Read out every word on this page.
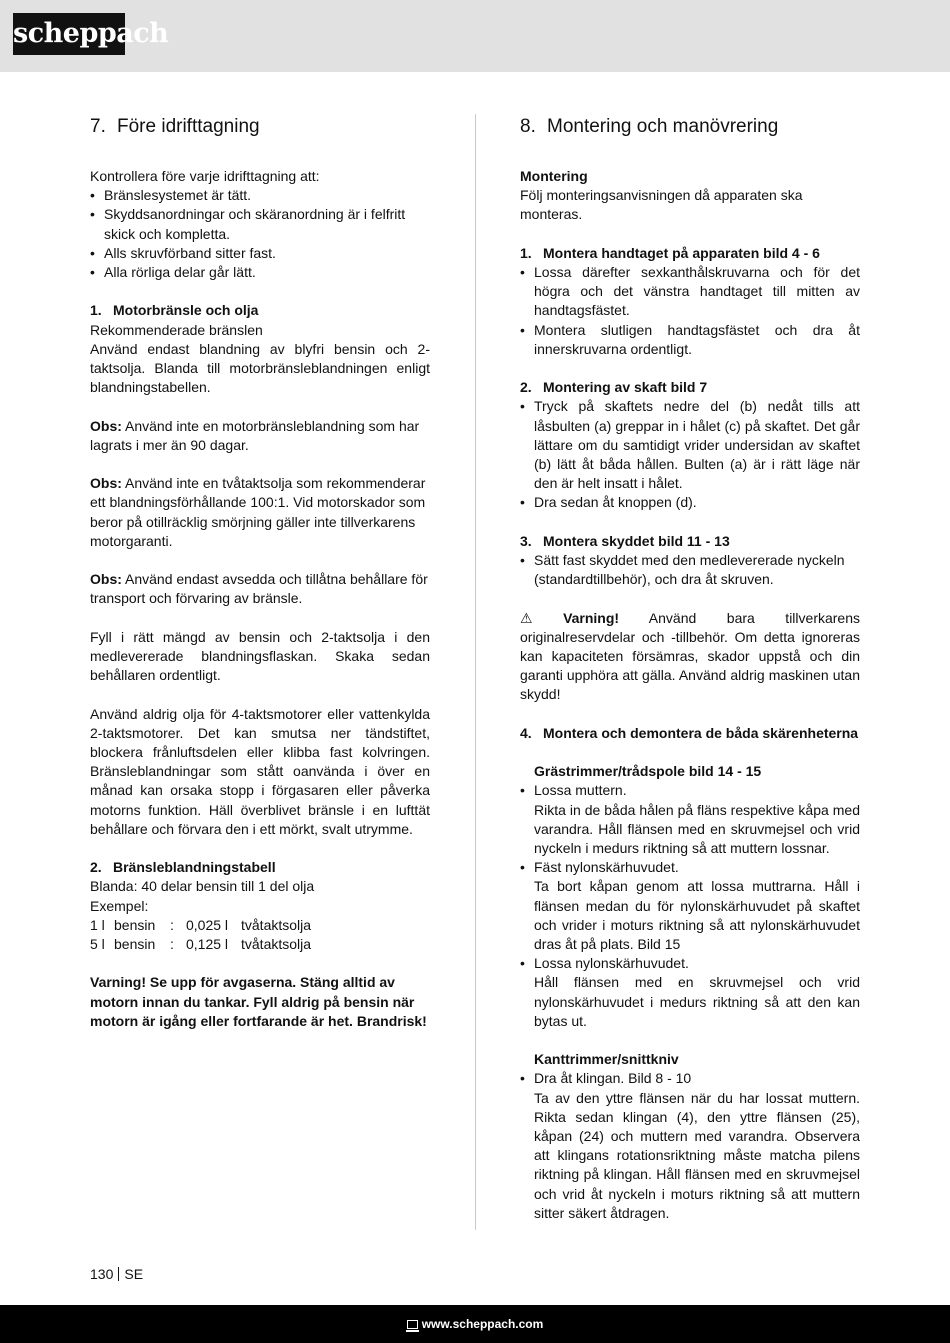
scheppach
7. Före idrifttagning

Kontrollera före varje idrifttagning att:

• Bränslesystemet är tätt.
• Skyddsanordningar och skäranordning är i felfritt skick och kompletta.
• Alls skruvförband sitter fast.
• Alla rörliga delar går lätt.

1. Motorbränsle och olja

Rekommenderade bränslen

Använd endast blandning av blyfri bensin och 2-taktsolja. Blanda till motorbränsleblandningen enligt blandningstabellen.

Obs: Använd inte en motorbränsleblandning som har lagrats i mer än 90 dagar.

Obs: Använd inte en tvåtaktsolja som rekommenderar ett blandningsförhållande 100:1. Vid motorskador som beror på otillräcklig smörjning gäller inte tillverkarens motorgaranti.

Obs: Använd endast avsedda och tillåtna behållare för transport och förvaring av bränsle.

Fyll i rätt mängd av bensin och 2-taktsolja i den medlevererade blandningsflaskan. Skaka sedan behållaren ordentligt.

Använd aldrig olja för 4-taktsmotorer eller vattenkylda 2-taktsmotorer. Det kan smutsa ner tändstiftet, blockera frånluftsdelen eller klibba fast kolvringen. Bränsleblandningar som stått oanvända i över en månad kan orsaka stopp i förgasaren eller påverka motorns funktion. Häll överblivet bränsle i en lufttät behållare och förvara den i ett mörkt, svalt utrymme.

2. Bränsleblandningstabell

Blanda: 40 delar bensin till 1 del olja

Exempel:

1 l bensin	: 0,025 l tvåtaktsolja
5 l bensin	: 0,125 l tvåtaktsolja

Varning! Se upp för avgaserna. Stäng alltid av motorn innan du tankar. Fyll aldrig på bensin när motorn är igång eller fortfarande är het. Brandrisk!

8. Montering och manövrering

Montering

Följ monteringsanvisningen då apparaten ska monteras.

1. Montera handtaget på apparaten bild 4 - 6

• Lossa därefter sexkanthålskruvarna och för det högra och det vänstra handtaget till mitten av handtagsfästet.
• Montera slutligen handtagsfästet och dra åt innerskruvarna ordentligt.

2. Montering av skaft bild 7

• Tryck på skaftets nedre del (b) nedåt tills att låsbulten (a) greppar in i hålet (c) på skaftet. Det går lättare om du samtidigt vrider undersidan av skaftet (b) lätt åt båda hållen. Bulten (a) är i rätt läge när den är helt insatt i hålet.
• Dra sedan åt knoppen (d).

3. Montera skyddet bild 11 - 13

• Sätt fast skyddet med den medlevererade nyckeln (standardtillbehör), och dra åt skruven.

⚠ Varning! Använd bara tillverkarens originalreservdelar och -tillbehör. Om detta ignoreras kan kapaciteten försämras, skador uppstå och din garanti upphöra att gälla. Använd aldrig maskinen utan skydd!

4. Montera och demontera de båda skärenheterna

Grästrimmer/trådspole bild 14 - 15

• Lossa muttern.
Rikta in de båda hålen på fläns respektive kåpa med varandra. Håll flänsen med en skruvmejsel och vrid nyckeln i medurs riktning så att muttern lossnar.
• Fäst nylonskärhuvudet.
Ta bort kåpan genom att lossa muttrarna. Håll i flänsen medan du för nylonskärhuvudet på skaftet och vrider i moturs riktning så att nylonskärhuvudet dras åt på plats. Bild 15
• Lossa nylonskärhuvudet.
Håll flänsen med en skruvmejsel och vrid nylonskärhuvudet i medurs riktning så att den kan bytas ut.

Kanttrimmer/snittkniv

• Dra åt klingan. Bild 8 - 10
Ta av den yttre flänsen när du har lossat muttern. Rikta sedan klingan (4), den yttre flänsen (25), kåpan (24) och muttern med varandra. Observera att klingans rotationsriktning måste matcha pilens riktning på klingan. Håll flänsen med en skruvmejsel och vrid åt nyckeln i moturs riktning så att muttern sitter säkert åtdragen.
130 SE
www.scheppach.com
